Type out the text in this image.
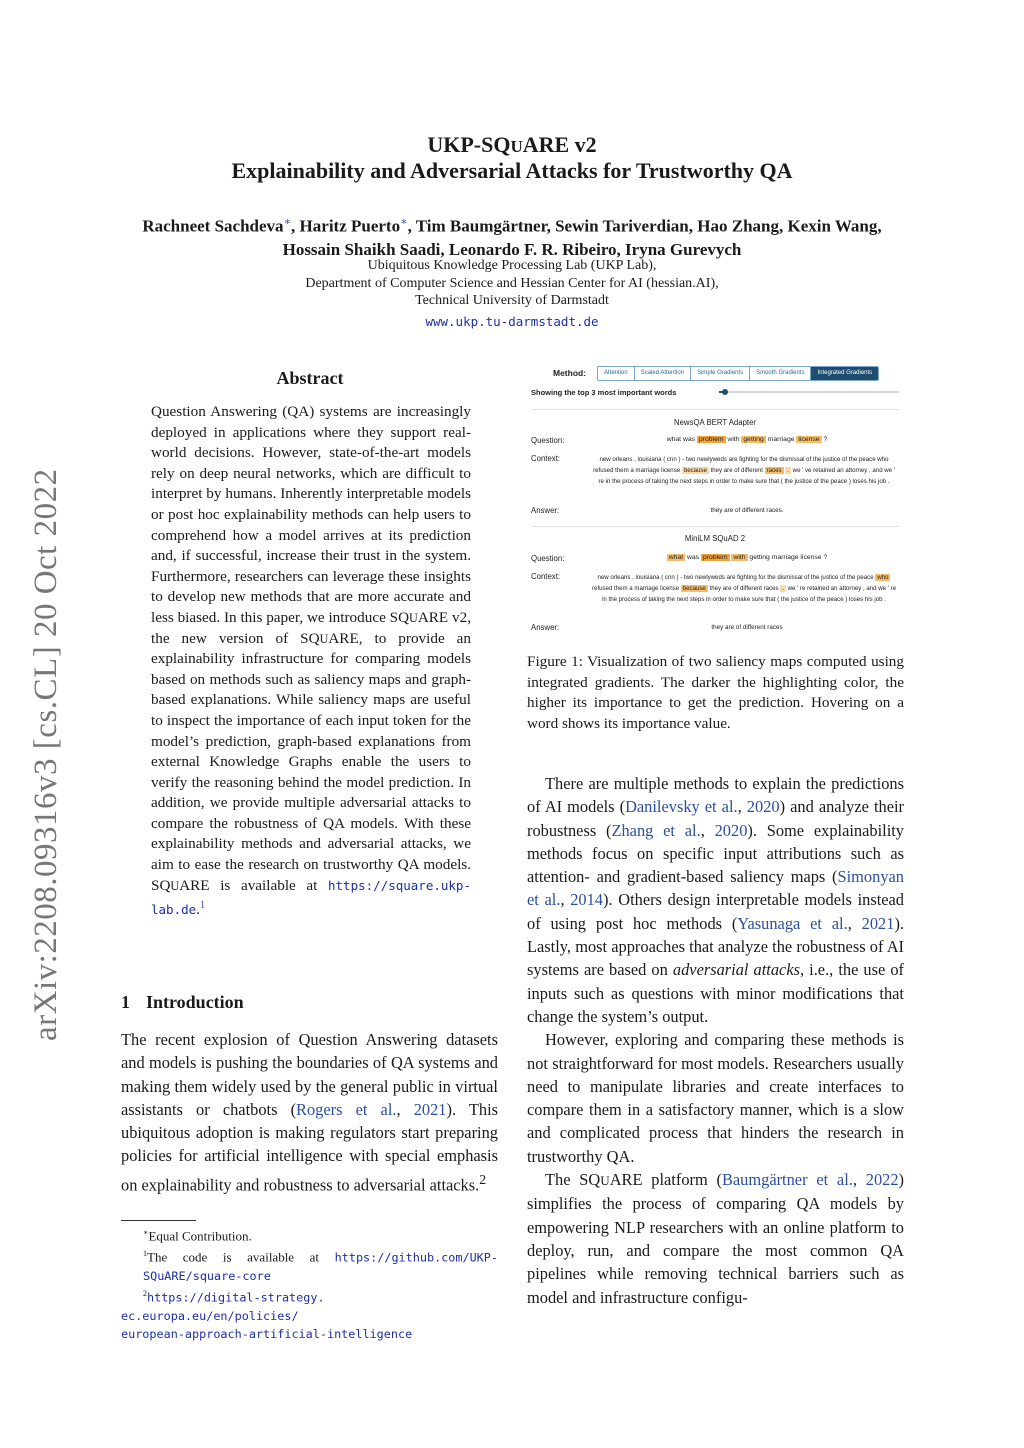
arXiv:2208.09316v3 [cs.CL] 20 Oct 2022
UKP-SQUARE v2
Explainability and Adversarial Attacks for Trustworthy QA
Rachneet Sachdeva∗, Haritz Puerto∗, Tim Baumgärtner, Sewin Tariverdian, Hao Zhang, Kexin Wang, Hossain Shaikh Saadi, Leonardo F. R. Ribeiro, Iryna Gurevych
Ubiquitous Knowledge Processing Lab (UKP Lab),
Department of Computer Science and Hessian Center for AI (hessian.AI),
Technical University of Darmstadt
www.ukp.tu-darmstadt.de
Abstract
Question Answering (QA) systems are increasingly deployed in applications where they support real-world decisions. However, state-of-the-art models rely on deep neural networks, which are difficult to interpret by humans. Inherently interpretable models or post hoc explainability methods can help users to comprehend how a model arrives at its prediction and, if successful, increase their trust in the system. Furthermore, researchers can leverage these insights to develop new methods that are more accurate and less biased. In this paper, we introduce SQUARE v2, the new version of SQUARE, to provide an explainability infrastructure for comparing models based on methods such as saliency maps and graph-based explanations. While saliency maps are useful to inspect the importance of each input token for the model’s prediction, graph-based explanations from external Knowledge Graphs enable the users to verify the reasoning behind the model prediction. In addition, we provide multiple adversarial attacks to compare the robustness of QA models. With these explainability methods and adversarial attacks, we aim to ease the research on trustworthy QA models. SQUARE is available at https://square.ukp-lab.de.$^1$
1 Introduction
The recent explosion of Question Answering datasets and models is pushing the boundaries of QA systems and making them widely used by the general public in virtual assistants or chatbots (Rogers et al., 2021). This ubiquitous adoption is making regulators start preparing policies for artificial intelligence with special emphasis on explainability and robustness to adversarial attacks.$^2$

∗Equal Contribution.

$^1$The code is available at https://github.com/UKP-SQuARE/square-core

$^2$https://digital-strategy.

ec.europa.eu/en/policies/

european-approach-artificial-intelligence

Method:	Attention	Scaled Attention	Simple Gradients	Smooth Gradients	Integrated Gradients
Showing the top 3 most important words
NewsQA BERT Adapter
Question:	what was problem with getting marriage license ?
Context:	new orleans , louisiana ( cnn ) - two newlyweds are fighting for the dismissal of the justice of the peace who refused them a marriage license because they are of different races . we ' ve retained an attorney , and we ' re in the process of taking the next steps in order to make sure that ( the justice of the peace ) loses his job .
Answer:	they are of different races.
MiniLM SQuAD 2
Question:	what was problem with getting marriage license ?
Context:	new orleans , louisiana ( cnn ) - two newlyweds are fighting for the dismissal of the justice of the peace who refused them a marriage license because they are of different races . we ' re retained an attorney , and we ' re in the process of taking the next steps in order to make sure that ( the justice of the peace ) loses his job .
Answer:	they are of different races
Figure 1: Visualization of two saliency maps computed using integrated gradients. The darker the highlighting color, the higher its importance to get the prediction. Hovering on a word shows its importance value.

There are multiple methods to explain the predictions of AI models (Danilevsky et al., 2020) and analyze their robustness (Zhang et al., 2020). Some explainability methods focus on specific input attributions such as attention- and gradient-based saliency maps (Simonyan et al., 2014). Others design interpretable models instead of using post hoc methods (Yasunaga et al., 2021). Lastly, most approaches that analyze the robustness of AI systems are based on adversarial attacks, i.e., the use of inputs such as questions with minor modifications that change the system’s output.

However, exploring and comparing these methods is not straightforward for most models. Researchers usually need to manipulate libraries and create interfaces to compare them in a satisfactory manner, which is a slow and complicated process that hinders the research in trustworthy QA.

The SQUARE platform (Baumgärtner et al., 2022) simplifies the process of comparing QA models by empowering NLP researchers with an online platform to deploy, run, and compare the most common QA pipelines while removing technical barriers such as model and infrastructure configu-
